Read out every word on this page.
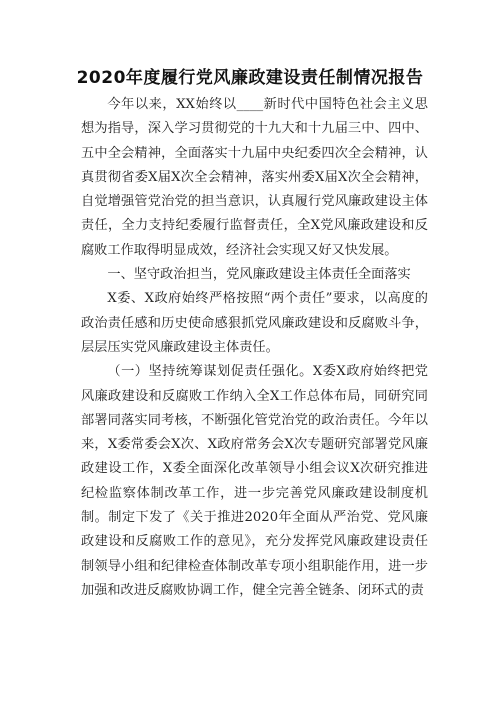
2020年度履行党风廉政建设责任制情况报告

今年以来，XX始终以____新时代中国特色社会主义思想为指导，深入学习贯彻党的十九大和十九届三中、四中、五中全会精神，全面落实十九届中央纪委四次全会精神，认真贯彻省委X届X次全会精神，落实州委X届X次全会精神，自觉增强管党治党的担当意识，认真履行党风廉政建设主体责任，全力支持纪委履行监督责任，全X党风廉政建设和反腐败工作取得明显成效，经济社会实现又好又快发展。

一、坚守政治担当，党风廉政建设主体责任全面落实

X委、X政府始终严格按照“两个责任”要求，以高度的政治责任感和历史使命感狠抓党风廉政建设和反腐败斗争，层层压实党风廉政建设主体责任。

（一）坚持统筹谋划促责任强化。X委X政府始终把党风廉政建设和反腐败工作纳入全X工作总体布局，同研究同部署同落实同考核，不断强化管党治党的政治责任。今年以来，X委常委会X次、X政府常务会X次专题研究部署党风廉政建设工作，X委全面深化改革领导小组会议X次研究推进纪检监察体制改革工作，进一步完善党风廉政建设制度机制。制定下发了《关于推进2020年全面从严治党、党风廉政建设和反腐败工作的意见》，充分发挥党风廉政建设责任制领导小组和纪律检查体制改革专项小组职能作用，进一步加强和改进反腐败协调工作，健全完善全链条、闭环式的责
